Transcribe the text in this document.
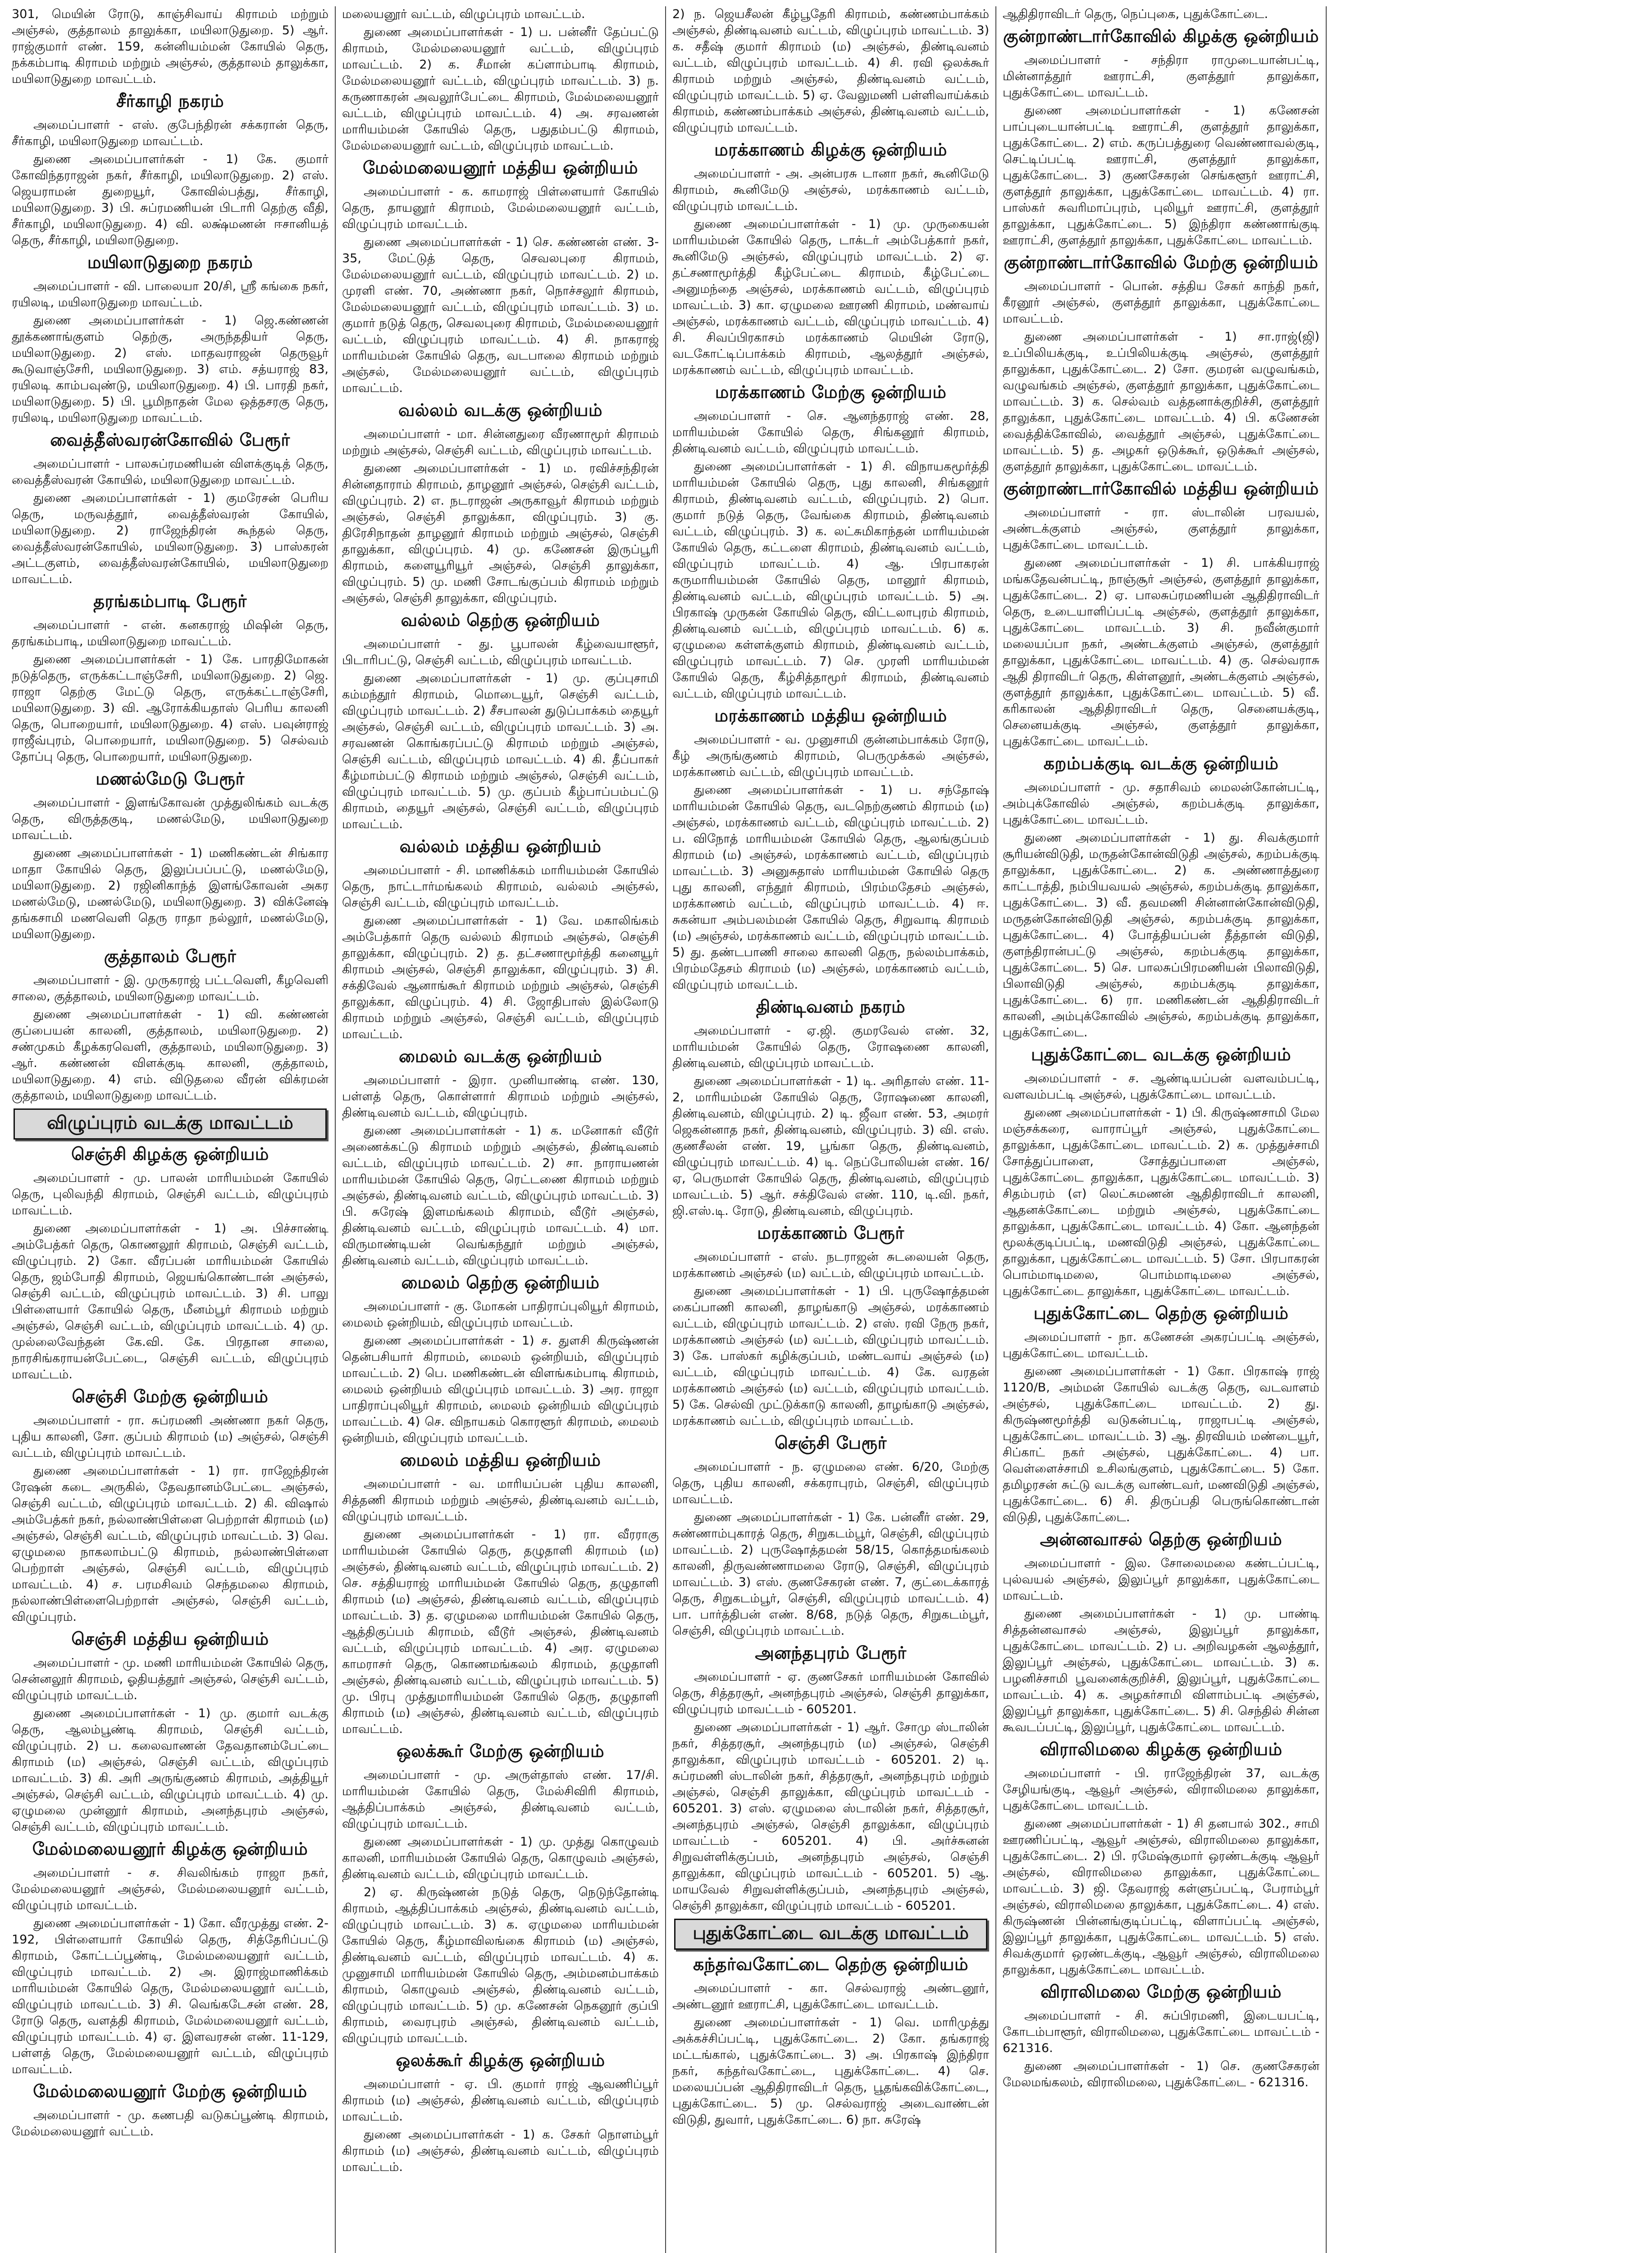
301, மெயின் ரோடு, காஞ்சிவாய் கிராமம் மற்றும் அஞ்சல், குத்தாலம் தாலுக்கா, மயிலாடுதுறை. 5) ஆர். ராஜ்குமார் எண். 159, கன்னியம்மன் கோயில் தெரு, நக்கம்பாடி கிராமம் மற்றும் அஞ்சல், குத்தாலம் தாலுக்கா, மயிலாடுதுறை மாவட்டம்.
சீர்காழி நகரம்
அமைப்பாளர் - எஸ். குபேந்திரன் சக்கரான் தெரு, சீர்காழி, மயிலாடுதுறை மாவட்டம்.
துணை அமைப்பாளர்கள் - 1) கே. குமார் கோவிந்தராஜன் நகர், சீர்காழி, மயிலாடுதுறை. 2) எஸ். ஜெயராமன் துறையூர், கோவில்பத்து, சீர்காழி, மயிலாடுதுறை. 3) பி. சுப்ரமணியன் பிடாரி தெற்கு வீதி, சீர்காழி, மயிலாடுதுறை. 4) வி. லக்ஷ்மணன் ஈசானியத் தெரு, சீர்காழி, மயிலாடுதுறை.
மயிலாடுதுறை நகரம்
அமைப்பாளர் - வி. பாலையா 20/சி, ஸ்ரீ கங்கை நகர், ரயிலடி, மயிலாடுதுறை மாவட்டம்.
துணை அமைப்பாளர்கள் - 1) ஜெ.கண்ணன் தூக்கணாங்குளம் தெற்கு, அருந்ததியர் தெரு, மயிலாடுதுறை. 2) எஸ். மாதவராஜன் தெருவூர் கூடுவாஞ்சேரி, மயிலாடுதுறை. 3) எம். சத்யராஜ் 83, ரயிலடி காம்பவுண்டு, மயிலாடுதுறை. 4) பி. பாரதி நகர், மயிலாடுதுறை. 5) பி. பூமிநாதன் மேல ஒத்தசரகு தெரு, ரயிலடி, மயிலாடுதுறை மாவட்டம்.
வைத்தீஸ்வரன்கோவில் பேரூர்
அமைப்பாளர் - பாலசுப்ரமணியன் விளக்குடித் தெரு, வைத்தீஸ்வரன் கோயில், மயிலாடுதுறை மாவட்டம்.
துணை அமைப்பாளர்கள் - 1) குமரேசன் பெரிய தெரு, மருவத்தூர், வைத்தீஸ்வரன் கோயில், மயிலாடுதுறை. 2) ராஜேந்திரன் கூந்தல் தெரு, வைத்தீஸ்வரன்கோயில், மயிலாடுதுறை. 3) பாஸ்கரன் அட்டகுளம், வைத்தீஸ்வரன்கோயில், மயிலாடுதுறை மாவட்டம்.
தரங்கம்பாடி பேரூர்
அமைப்பாளர் - என். கனகராஜ் மிஷின் தெரு, தரங்கம்பாடி, மயிலாடுதுறை மாவட்டம்.
துணை அமைப்பாளர்கள் - 1) கே. பாரதிமோகன் நடுத்தெரு, எருக்கட்டாஞ்சேரி, மயிலாடுதுறை. 2) ஜெ. ராஜா தெற்கு மேட்டு தெரு, எருக்கட்டாஞ்சேரி, மயிலாடுதுறை. 3) வி. ஆரோக்கியதாஸ் பெரிய காலனி தெரு, பொறையார், மயிலாடுதுறை. 4) எஸ். பவுன்ராஜ் ராஜீவ்புரம், பொறையார், மயிலாடுதுறை. 5) செல்வம் தோப்பு தெரு, பொறையார், மயிலாடுதுறை.
மணல்மேடு பேரூர்
அமைப்பாளர் - இளங்கோவன் முத்துலிங்கம் வடக்கு தெரு, விருத்தகுடி, மணல்மேடு, மயிலாடுதுறை மாவட்டம்.
துணை அமைப்பாளர்கள் - 1) மணிகண்டன் சிங்கார மாதா கோயில் தெரு, இலுப்பப்பட்டு, மணல்மேடு, மயிலாடுதுறை. 2) ரஜினிகாந்த் இளங்கோவன் அகர மணல்மேடு, மணல்மேடு, மயிலாடுதுறை. 3) விக்னேஷ் தங்கசாமி மணவெளி தெரு ராதா நல்லூர், மணல்மேடு, மயிலாடுதுறை.
குத்தாலம் பேரூர்
அமைப்பாளர் - இ. முருகராஜ் பட்டவெளி, கீழவெளி சாலை, குத்தாலம், மயிலாடுதுறை மாவட்டம்.
துணை அமைப்பாளர்கள் - 1) வி. கண்ணன் குப்பையன் காலனி, குத்தாலம், மயிலாடுதுறை. 2) சண்முகம் கீழக்கரவெளி, குத்தாலம், மயிலாடுதுறை. 3) ஆர். கண்ணன் விளக்குடி காலனி, குத்தாலம், மயிலாடுதுறை. 4) எம். விடுதலை வீரன் விக்ரமன் குத்தாலம், மயிலாடுதுறை மாவட்டம்.
விழுப்புரம் வடக்கு மாவட்டம்
செஞ்சி கிழக்கு ஒன்றியம்
அமைப்பாளர் - மு. பாலன் மாரியம்மன் கோயில் தெரு, புலிவந்தி கிராமம், செஞ்சி வட்டம், விழுப்புரம் மாவட்டம்.
துணை அமைப்பாளர்கள் - 1) அ. பிச்சாண்டி அம்பேத்கர் தெரு, கொணலூர் கிராமம், செஞ்சி வட்டம், விழுப்புரம். 2) கோ. வீரப்பன் மாரியம்மன் கோயில் தெரு, ஜம்போதி கிராமம், ஜெயங்கொண்டான் அஞ்சல், செஞ்சி வட்டம், விழுப்புரம் மாவட்டம். 3) சி. பாலு பிள்ளையார் கோயில் தெரு, மீனம்பூர் கிராமம் மற்றும் அஞ்சல், செஞ்சி வட்டம், விழுப்புரம் மாவட்டம். 4) மு. முல்லைவேந்தன் கே.வி. கே. பிரதான சாலை, நாரசிங்கராயன்பேட்டை, செஞ்சி வட்டம், விழுப்புரம் மாவட்டம்.
செஞ்சி மேற்கு ஒன்றியம்
அமைப்பாளர் - ரா. சுப்ரமணி அண்ணா நகர் தெரு, புதிய காலனி, சோ. குப்பம் கிராமம் (ம) அஞ்சல், செஞ்சி வட்டம், விழுப்புரம் மாவட்டம்.
துணை அமைப்பாளர்கள் - 1) ரா. ராஜேந்திரன் ரேஷன் கடை அருகில், தேவதானம்பேட்டை அஞ்சல், செஞ்சி வட்டம், விழுப்புரம் மாவட்டம். 2) கி. விஷால் அம்பேத்கர் நகர், நல்லாண்பிள்ளை பெற்றாள் கிராமம் (ம) அஞ்சல், செஞ்சி வட்டம், விழுப்புரம் மாவட்டம். 3) வெ. ஏழுமலை நாகலாம்பட்டு கிராமம், நல்லாண்பிள்ளை பெற்றாள் அஞ்சல், செஞ்சி வட்டம், விழுப்புரம் மாவட்டம். 4) ச. பரமசிவம் செந்தமலை கிராமம், நல்லாண்பிள்ளைபெற்றாள் அஞ்சல், செஞ்சி வட்டம், விழுப்புரம்.
செஞ்சி மத்திய ஒன்றியம்
அமைப்பாளர் - மு. மணி மாரியம்மன் கோயில் தெரு, சென்னலூர் கிராமம், ஓதியத்தூர் அஞ்சல், செஞ்சி வட்டம், விழுப்புரம் மாவட்டம்.
துணை அமைப்பாளர்கள் - 1) மு. குமார் வடக்கு தெரு, ஆலம்பூண்டி கிராமம், செஞ்சி வட்டம், விழுப்புரம். 2) ப. கலைவாணன் தேவதானம்பேட்டை கிராமம் (ம) அஞ்சல், செஞ்சி வட்டம், விழுப்புரம் மாவட்டம். 3) கி. அரி அருங்குணம் கிராமம், அத்தியூர் அஞ்சல், செஞ்சி வட்டம், விழுப்புரம் மாவட்டம். 4) மு. ஏழுமலை முன்னூர் கிராமம், அனந்தபுரம் அஞ்சல், செஞ்சி வட்டம், விழுப்புரம் மாவட்டம்.
மேல்மலையனூர் கிழக்கு ஒன்றியம்
அமைப்பாளர் - ச. சிவலிங்கம் ராஜா நகர், மேல்மலையனூர் அஞ்சல், மேல்மலையனூர் வட்டம், விழுப்புரம் மாவட்டம்.
துணை அமைப்பாளர்கள் - 1) கோ. வீரமுத்து எண். 2-192, பிள்ளையார் கோயில் தெரு, சித்தேரிப்பட்டு கிராமம், கோட்டப்பூண்டி, மேல்மலையனூர் வட்டம், விழுப்புரம் மாவட்டம். 2) அ. இராஜ்மாணிக்கம் மாரியம்மன் கோயில் தெரு, மேல்மலையனூர் வட்டம், விழுப்புரம் மாவட்டம். 3) சி. வெங்கடேசன் எண். 28, ரோடு தெரு, வளத்தி கிராமம், மேல்மலையனூர் வட்டம், விழுப்புரம் மாவட்டம். 4) ஏ. இளவரசன் எண். 11-129, பள்ளத் தெரு, மேல்மலையனூர் வட்டம், விழுப்புரம் மாவட்டம்.
மேல்மலையனூர் மேற்கு ஒன்றியம்
அமைப்பாளர் - மு. கணபதி வடுகப்பூண்டி கிராமம், மேல்மலையனூர் வட்டம்.
மலையனூர் வட்டம், விழுப்புரம் மாவட்டம்.
துணை அமைப்பாளர்கள் - 1) ப. பன்னீர் தேப்பட்டு கிராமம், மேல்மலையனூர் வட்டம், விழுப்புரம் மாவட்டம். 2) க. சீமான் கப்ளாம்பாடி கிராமம், மேல்மலையனூர் வட்டம், விழுப்புரம் மாவட்டம். 3) ந. கருணாகரன் அவலூர்பேட்டை கிராமம், மேல்மலையனூர் வட்டம், விழுப்புரம் மாவட்டம். 4) அ. சரவணன் மாரியம்மன் கோயில் தெரு, பதுதம்பட்டு கிராமம், மேல்மலையனூர் வட்டம், விழுப்புரம் மாவட்டம்.
மேல்மலையனூர் மத்திய ஒன்றியம்
அமைப்பாளர் - க. காமராஜ் பிள்ளையார் கோயில் தெரு, தாயனூர் கிராமம், மேல்மலையனூர் வட்டம், விழுப்புரம் மாவட்டம்.
துணை அமைப்பாளர்கள் - 1) செ. கண்ணன் எண். 3-35, மேட்டுத் தெரு, செவலபுரை கிராமம், மேல்மலையனூர் வட்டம், விழுப்புரம் மாவட்டம். 2) ம. முரளி எண். 70, அண்ணா நகர், நொச்சலூர் கிராமம், மேல்மலையனூர் வட்டம், விழுப்புரம் மாவட்டம். 3) ம. குமார் நடுத் தெரு, செவலபுரை கிராமம், மேல்மலையனூர் வட்டம், விழுப்புரம் மாவட்டம். 4) சி. நாகராஜ் மாரியம்மன் கோயில் தெரு, வடபாலை கிராமம் மற்றும் அஞ்சல், மேல்மலையனூர் வட்டம், விழுப்புரம் மாவட்டம்.
வல்லம் வடக்கு ஒன்றியம்
அமைப்பாளர் - மா. சின்னதுரை வீரணாமூர் கிராமம் மற்றும் அஞ்சல், செஞ்சி வட்டம், விழுப்புரம் மாவட்டம்.
துணை அமைப்பாளர்கள் - 1) ம. ரவிச்சந்திரன் சின்னதாராம் கிராமம், தாழனூர் அஞ்சல், செஞ்சி வட்டம், விழுப்புரம். 2) எ. நடராஜன் அருகாவூர் கிராமம் மற்றும் அஞ்சல், செஞ்சி தாலுக்கா, விழுப்புரம். 3) கு. திரேசிநாதன் தாழனூர் கிராமம் மற்றும் அஞ்சல், செஞ்சி தாலுக்கா, விழுப்புரம். 4) மு. கணேசன் இருப்பூரி கிராமம், களையூரியூர் அஞ்சல், செஞ்சி தாலுக்கா, விழுப்புரம். 5) மு. மணி சோடங்குப்பம் கிராமம் மற்றும் அஞ்சல், செஞ்சி தாலுக்கா, விழுப்புரம்.
வல்லம் தெற்கு ஒன்றியம்
அமைப்பாளர் - து. பூபாலன் கீழ்வையாளூர், பிடாரிபட்டு, செஞ்சி வட்டம், விழுப்புரம் மாவட்டம்.
துணை அமைப்பாளர்கள் - 1) மு. குப்புசாமி கம்மந்தூர் கிராமம், மொடையூர், செஞ்சி வட்டம், விழுப்புரம் மாவட்டம். 2) சீசபாலன் துடுப்பாக்கம் தையூர் அஞ்சல், செஞ்சி வட்டம், விழுப்புரம் மாவட்டம். 3) அ. சரவணன் கொங்கரப்பட்டு கிராமம் மற்றும் அஞ்சல், செஞ்சி வட்டம், விழுப்புரம் மாவட்டம். 4) கி. தீப்பாகர் கீழ்மாம்பட்டு கிராமம் மற்றும் அஞ்சல், செஞ்சி வட்டம், விழுப்புரம் மாவட்டம். 5) மு. குப்பம் கீழ்பாப்பம்பட்டு கிராமம், தையூர் அஞ்சல், செஞ்சி வட்டம், விழுப்புரம் மாவட்டம்.
வல்லம் மத்திய ஒன்றியம்
அமைப்பாளர் - சி. மாணிக்கம் மாரியம்மன் கோயில் தெரு, நாட்டார்மங்கலம் கிராமம், வல்லம் அஞ்சல், செஞ்சி வட்டம், விழுப்புரம் மாவட்டம்.
துணை அமைப்பாளர்கள் - 1) வே. மகாலிங்கம் அம்பேத்கார் தெரு வல்லம் கிராமம் அஞ்சல், செஞ்சி தாலுக்கா, விழுப்புரம். 2) த. தட்சணாமூர்த்தி கனையூர் கிராமம் அஞ்சல், செஞ்சி தாலுக்கா, விழுப்புரம். 3) சி. சக்திவேல் ஆனாங்கூர் கிராமம் மற்றும் அஞ்சல், செஞ்சி தாலுக்கா, விழுப்புரம். 4) சி. ஜோதிபாஸ் இல்லோடு கிராமம் மற்றும் அஞ்சல், செஞ்சி வட்டம், விழுப்புரம் மாவட்டம்.
மைலம் வடக்கு ஒன்றியம்
அமைப்பாளர் - இரா. முனியாண்டி எண். 130, பள்ளத் தெரு, கொள்ளார் கிராமம் மற்றும் அஞ்சல், திண்டிவனம் வட்டம், விழுப்புரம்.
துணை அமைப்பாளர்கள் - 1) க. மனோகர் வீடூர் அணைக்கட்டு கிராமம் மற்றும் அஞ்சல், திண்டிவனம் வட்டம், விழுப்புரம் மாவட்டம். 2) சா. நாராயணன் மாரியம்மன் கோயில் தெரு, ரெட்டணை கிராமம் மற்றும் அஞ்சல், திண்டிவனம் வட்டம், விழுப்புரம் மாவட்டம். 3) பி. சுரேஷ் இளமங்கலம் கிராமம், வீடூர் அஞ்சல், திண்டிவனம் வட்டம், விழுப்புரம் மாவட்டம். 4) மா. விருமாண்டியன் வெங்கந்தூர் மற்றும் அஞ்சல், திண்டிவனம் வட்டம், விழுப்புரம் மாவட்டம்.
மைலம் தெற்கு ஒன்றியம்
அமைப்பாளர் - கு. மோகன் பாதிராப்புலியூர் கிராமம், மைலம் ஒன்றியம், விழுப்புரம் மாவட்டம்.
துணை அமைப்பாளர்கள் - 1) ச. துளசி கிருஷ்ணன் தென்பசியார் கிராமம், மைலம் ஒன்றியம், விழுப்புரம் மாவட்டம். 2) பெ. மணிகண்டன் விளங்கம்பாடி கிராமம், மைலம் ஒன்றியம் விழுப்புரம் மாவட்டம். 3) அர. ராஜா பாதிராப்புலியூர் கிராமம், மைலம் ஒன்றியம் விழுப்புரம் மாவட்டம். 4) செ. விநாயகம் கொரளூர் கிராமம், மைலம் ஒன்றியம், விழுப்புரம் மாவட்டம்.
மைலம் மத்திய ஒன்றியம்
அமைப்பாளர் - வ. மாரியப்பன் புதிய காலனி, சித்தணி கிராமம் மற்றும் அஞ்சல், திண்டிவனம் வட்டம், விழுப்புரம் மாவட்டம்.
துணை அமைப்பாளர்கள் - 1) ரா. வீரராகு மாரியம்மன் கோயில் தெரு, தழுதாளி கிராமம் (ம) அஞ்சல், திண்டிவனம் வட்டம், விழுப்புரம் மாவட்டம். 2) செ. சத்தியராஜ் மாரியம்மன் கோயில் தெரு, தழுதாளி கிராமம் (ம) அஞ்சல், திண்டிவனம் வட்டம், விழுப்புரம் மாவட்டம். 3) த. ஏழுமலை மாரியம்மன் கோயில் தெரு, ஆத்திகுப்பம் கிராமம், வீடூர் அஞ்சல், திண்டிவனம் வட்டம், விழுப்புரம் மாவட்டம். 4) அர. ஏழுமலை காமராசர் தெரு, கொணமங்கலம் கிராமம், தழுதாளி அஞ்சல், திண்டிவனம் வட்டம், விழுப்புரம் மாவட்டம். 5) மு. பிரபு முத்துமாரியம்மன் கோயில் தெரு, தழுதாளி கிராமம் (ம) அஞ்சல், திண்டிவனம் வட்டம், விழுப்புரம் மாவட்டம்.
ஒலக்கூர் மேற்கு ஒன்றியம்
அமைப்பாளர் - மு. அருள்தாஸ் எண். 17/சி. மாரியம்மன் கோயில் தெரு, மேல்சிவிரி கிராமம், ஆத்திப்பாக்கம் அஞ்சல், திண்டிவனம் வட்டம், விழுப்புரம் மாவட்டம்.
துணை அமைப்பாளர்கள் - 1) மு. முத்து கொழுவம் காலனி, மாரியம்மன் கோயில் தெரு, கொழுவம் அஞ்சல், திண்டிவனம் வட்டம், விழுப்புரம் மாவட்டம்.
2) ஏ. கிருஷ்ணன் நடுத் தெரு, நெடுந்தோன்டி கிராமம், ஆத்திப்பாக்கம் அஞ்சல், திண்டிவனம் வட்டம், விழுப்புரம் மாவட்டம். 3) க. ஏழுமலை மாரியம்மன் கோயில் தெரு, கீழ்மாவிலங்கை கிராமம் (ம) அஞ்சல், திண்டிவனம் வட்டம், விழுப்புரம் மாவட்டம். 4) க. முனுசாமி மாரியம்மன் கோயில் தெரு, அம்மனம்பாக்கம் கிராமம், கொழுவம் அஞ்சல், திண்டிவனம் வட்டம், விழுப்புரம் மாவட்டம். 5) மு. கணேசன் நெகனூர் குப்பி கிராமம், வைரபுரம் அஞ்சல், திண்டிவனம் வட்டம், விழுப்புரம் மாவட்டம்.
ஒலக்கூர் கிழக்கு ஒன்றியம்
அமைப்பாளர் - ஏ. பி. குமார் ராஜ் ஆவணிப்பூர் கிராமம் (ம) அஞ்சல், திண்டிவனம் வட்டம், விழுப்புரம் மாவட்டம்.
துணை அமைப்பாளர்கள் - 1) க. சேகர் நொளம்பூர் கிராமம் (ம) அஞ்சல், திண்டிவனம் வட்டம், விழுப்புரம் மாவட்டம்.
2) ந. ஜெயசீலன் கீழ்பூதேரி கிராமம், கண்ணம்பாக்கம் அஞ்சல், திண்டிவனம் வட்டம், விழுப்புரம் மாவட்டம். 3) க. சதீஷ் குமார் கிராமம் (ம) அஞ்சல், திண்டிவனம் வட்டம், விழுப்புரம் மாவட்டம். 4) சி. ரவி ஒலக்கூர் கிராமம் மற்றும் அஞ்சல், திண்டிவனம் வட்டம், விழுப்புரம் மாவட்டம். 5) ஏ. வேலுமணி பள்ளிவாய்க்கம் கிராமம், கண்ணம்பாக்கம் அஞ்சல், திண்டிவனம் வட்டம், விழுப்புரம் மாவட்டம்.
மரக்காணம் கிழக்கு ஒன்றியம்
அமைப்பாளர் - அ. அன்பரசு டானா நகர், கூனிமேடு கிராமம், கூனிமேடு அஞ்சல், மரக்காணம் வட்டம், விழுப்புரம் மாவட்டம்.
துணை அமைப்பாளர்கள் - 1) மு. முருகையன் மாரியம்மன் கோயில் தெரு, டாக்டர் அம்பேத்கார் நகர், கூனிமேடு அஞ்சல், விழுப்புரம் மாவட்டம். 2) ஏ. தட்சணாமூர்த்தி கீழ்பேட்டை கிராமம், கீழ்பேட்டை அனுமந்தை அஞ்சல், மரக்காணம் வட்டம், விழுப்புரம் மாவட்டம். 3) கா. ஏழுமலை ஊரணி கிராமம், மண்வாய் அஞ்சல், மரக்காணம் வட்டம், விழுப்புரம் மாவட்டம். 4) சி. சிவப்பிரகாசம் மரக்காணம் மெயின் ரோடு, வடகோட்டிப்பாக்கம் கிராமம், ஆலத்தூர் அஞ்சல், மரக்காணம் வட்டம், விழுப்புரம் மாவட்டம்.
மரக்காணம் மேற்கு ஒன்றியம்
அமைப்பாளர் - செ. ஆனந்தராஜ் எண். 28, மாரியம்மன் கோயில் தெரு, சிங்கனூர் கிராமம், திண்டிவனம் வட்டம், விழுப்புரம் மாவட்டம்.
துணை அமைப்பாளர்கள் - 1) சி. விநாயகமூர்த்தி மாரியம்மன் கோயில் தெரு, புது காலனி, சிங்கனூர் கிராமம், திண்டிவனம் வட்டம், விழுப்புரம். 2) பொ. குமார் நடுத் தெரு, வேங்கை கிராமம், திண்டிவனம் வட்டம், விழுப்புரம். 3) க. லட்சுமிகாந்தன் மாரியம்மன் கோயில் தெரு, கட்டளை கிராமம், திண்டிவனம் வட்டம், விழுப்புரம் மாவட்டம். 4) ஆ. பிரபாகரன் கருமாரியம்மன் கோயில் தெரு, மானூர் கிராமம், திண்டிவனம் வட்டம், விழுப்புரம் மாவட்டம். 5) அ. பிரகாஷ் முருகன் கோயில் தெரு, விட்டலாபுரம் கிராமம், திண்டிவனம் வட்டம், விழுப்புரம் மாவட்டம். 6) க. ஏழுமலை கள்ளக்குளம் கிராமம், திண்டிவனம் வட்டம், விழுப்புரம் மாவட்டம். 7) செ. முரளி மாரியம்மன் கோயில் தெரு, கீழ்சித்தாமூர் கிராமம், திண்டிவனம் வட்டம், விழுப்புரம் மாவட்டம்.
மரக்காணம் மத்திய ஒன்றியம்
அமைப்பாளர் - வ. முனுசாமி குன்னம்பாக்கம் ரோடு, கீழ் அருங்குணம் கிராமம், பெருமுக்கல் அஞ்சல், மரக்காணம் வட்டம், விழுப்புரம் மாவட்டம்.
துணை அமைப்பாளர்கள் - 1) ப. சந்தோஷ் மாரியம்மன் கோயில் தெரு, வடநெற்குணம் கிராமம் (ம) அஞ்சல், மரக்காணம் வட்டம், விழுப்புரம் மாவட்டம். 2) ப. விநோத் மாரியம்மன் கோயில் தெரு, ஆலங்குப்பம் கிராமம் (ம) அஞ்சல், மரக்காணம் வட்டம், விழுப்புரம் மாவட்டம். 3) அனுசுதாஸ் மாரியம்மன் கோயில் தெரு புது காலனி, எந்தூர் கிராமம், பிரம்மதேசம் அஞ்சல், மரக்காணம் வட்டம், விழுப்புரம் மாவட்டம். 4) ஈ. சுகன்யா அம்பலம்மன் கோயில் தெரு, சிறுவாடி கிராமம் (ம) அஞ்சல், மரக்காணம் வட்டம், விழுப்புரம் மாவட்டம். 5) து. தண்டபாணி சாலை காலனி தெரு, நல்லம்பாக்கம், பிரம்மதேசம் கிராமம் (ம) அஞ்சல், மரக்காணம் வட்டம், விழுப்புரம் மாவட்டம்.
திண்டிவனம் நகரம்
அமைப்பாளர் - ஏ.ஜி. குமரவேல் எண். 32, மாரியம்மன் கோயில் தெரு, ரோஷணை காலனி, திண்டிவனம், விழுப்புரம் மாவட்டம்.
துணை அமைப்பாளர்கள் - 1) டி. அரிதாஸ் எண். 11-2, மாரியம்மன் கோயில் தெரு, ரோஷணை காலனி, திண்டிவனம், விழுப்புரம். 2) டி. ஜீவா எண். 53, அமரர் ஜெகன்னாத நகர், திண்டிவனம், விழுப்புரம். 3) வி. எஸ். குணசீலன் எண். 19, பூங்கா தெரு, திண்டிவனம், விழுப்புரம் மாவட்டம். 4) டி. நெப்போலியன் எண். 16/ஏ, பெருமாள் கோயில் தெரு, திண்டிவனம், விழுப்புரம் மாவட்டம். 5) ஆர். சக்திவேல் எண். 110, டி.வி. நகர், ஜி.எஸ்.டி. ரோடு, திண்டிவனம், விழுப்புரம்.
மரக்காணம் பேரூர்
அமைப்பாளர் - எஸ். நடராஜன் சுடலையன் தெரு, மரக்காணம் அஞ்சல் (ம) வட்டம், விழுப்புரம் மாவட்டம்.
துணை அமைப்பாளர்கள் - 1) பி. புருஷோத்தமன் கைப்பாணி காலனி, தாழங்காடு அஞ்சல், மரக்காணம் வட்டம், விழுப்புரம் மாவட்டம். 2) எஸ். ரவி நேரு நகர், மரக்காணம் அஞ்சல் (ம) வட்டம், விழுப்புரம் மாவட்டம். 3) கே. பாஸ்கர் கழிக்குப்பம், மண்டவாய் அஞ்சல் (ம) வட்டம், விழுப்புரம் மாவட்டம். 4) கே. வரதன் மரக்காணம் அஞ்சல் (ம) வட்டம், விழுப்புரம் மாவட்டம். 5) கே. செல்வி முட்டுக்காடு காலனி, தாழங்காடு அஞ்சல், மரக்காணம் வட்டம், விழுப்புரம் மாவட்டம்.
செஞ்சி பேரூர்
அமைப்பாளர் - ந. ஏழுமலை எண். 6/20, மேற்கு தெரு, புதிய காலனி, சக்கராபுரம், செஞ்சி, விழுப்புரம் மாவட்டம்.
துணை அமைப்பாளர்கள் - 1) கே. பன்னீர் எண். 29, சுண்ணாம்புகாரத் தெரு, சிறுகடம்பூர், செஞ்சி, விழுப்புரம் மாவட்டம். 2) புருஷோத்தமன் 58/15, கொத்தமங்கலம் காலனி, திருவண்ணாமலை ரோடு, செஞ்சி, விழுப்புரம் மாவட்டம். 3) எஸ். குணசேகரன் எண். 7, குட்டைக்காரத் தெரு, சிறுகடம்பூர், செஞ்சி, விழுப்புரம் மாவட்டம். 4) பா. பார்த்திபன் எண். 8/68, நடுத் தெரு, சிறுகடம்பூர், செஞ்சி, விழுப்புரம் மாவட்டம்.
அனந்தபுரம் பேரூர்
அமைப்பாளர் - ஏ. குணசேகர் மாரியம்மன் கோவில் தெரு, சித்தரசூர், அனந்தபுரம் அஞ்சல், செஞ்சி தாலுக்கா, விழுப்புரம் மாவட்டம் - 605201.
துணை அமைப்பாளர்கள் - 1) ஆர். சோமு ஸ்டாலின் நகர், சித்தரசூர், அனந்தபுரம் (ம) அஞ்சல், செஞ்சி தாலுக்கா, விழுப்புரம் மாவட்டம் - 605201. 2) டி. சுப்ரமணி ஸ்டாலின் நகர், சித்தரசூர், அனந்தபுரம் மற்றும் அஞ்சல், செஞ்சி தாலுக்கா, விழுப்புரம் மாவட்டம் - 605201. 3) எஸ். ஏழுமலை ஸ்டாலின் நகர், சித்தரசூர், அனந்தபுரம் அஞ்சல், செஞ்சி தாலுக்கா, விழுப்புரம் மாவட்டம் - 605201. 4) பி. அர்ச்சுனன் சிறுவள்ளிக்குப்பம், அனந்தபுரம் அஞ்சல், செஞ்சி தாலுக்கா, விழுப்புரம் மாவட்டம் - 605201. 5) ஆ. மாயவேல் சிறுவள்ளிக்குப்பம், அனந்தபுரம் அஞ்சல், செஞ்சி தாலுக்கா, விழுப்புரம் மாவட்டம் - 605201.
புதுக்கோட்டை வடக்கு மாவட்டம்
கந்தர்வகோட்டை தெற்கு ஒன்றியம்
அமைப்பாளர் - கா. செல்வராஜ் அண்டனூர், அண்டனூர் ஊராட்சி, புதுக்கோட்டை மாவட்டம்.
துணை அமைப்பாளர்கள் - 1) வெ. மாரிமுத்து அக்கச்சிப்பட்டி, புதுக்கோட்டை. 2) கோ. தங்கராஜ் மட்டங்கால், புதுக்கோட்டை. 3) அ. பிரகாஷ் இந்திரா நகர், கந்தர்வகோட்டை, புதுக்கோட்டை. 4) செ. மலையப்பன் ஆதிதிராவிடர் தெரு, பூதங்கவிக்கோட்டை, புதுக்கோட்டை. 5) மு. செல்வராஜ் அடைவாண்டன் விடுதி, துவார், புதுக்கோட்டை. 6) நா. சுரேஷ்
ஆதிதிராவிடர் தெரு, நெப்புகை, புதுக்கோட்டை.
குன்றாண்டார்கோவில் கிழக்கு ஒன்றியம்
அமைப்பாளர் - சந்திரா ராமுடையான்பட்டி, மின்னாத்தூர் ஊராட்சி, குளத்தூர் தாலுக்கா, புதுக்கோட்டை மாவட்டம்.
துணை அமைப்பாளர்கள் - 1) கணேசன் பாப்புடையான்பட்டி ஊராட்சி, குளத்தூர் தாலுக்கா, புதுக்கோட்டை. 2) எம். கருப்பத்துரை வெண்ணாவல்குடி, செட்டிப்பட்டி ஊராட்சி, குளத்தூர் தாலுக்கா, புதுக்கோட்டை. 3) குணசேகரன் செங்களூர் ஊராட்சி, குளத்தூர் தாலுக்கா, புதுக்கோட்டை மாவட்டம். 4) ரா. பாஸ்கர் சுவரிமாப்புரம், புலியூர் ஊராட்சி, குளத்தூர் தாலுக்கா, புதுக்கோட்டை. 5) இந்திரா கண்ணாங்குடி ஊராட்சி, குளத்தூர் தாலுக்கா, புதுக்கோட்டை மாவட்டம்.
குன்றாண்டார்கோவில் மேற்கு ஒன்றியம்
அமைப்பாளர் - பொன். சத்திய சேகர் காந்தி நகர், கீரனூர் அஞ்சல், குளத்தூர் தாலுக்கா, புதுக்கோட்டை மாவட்டம்.
துணை அமைப்பாளர்கள் - 1) சா.ராஜ்(ஜி) உப்பிலியக்குடி, உப்பிலியக்குடி அஞ்சல், குளத்தூர் தாலுக்கா, புதுக்கோட்டை. 2) சோ. குமரன் வழுவங்கம், வழுவங்கம் அஞ்சல், குளத்தூர் தாலுக்கா, புதுக்கோட்டை மாவட்டம். 3) க. செல்வம் வத்தனாக்குறிச்சி, குளத்தூர் தாலுக்கா, புதுக்கோட்டை மாவட்டம். 4) பி. கணேசன் வைத்திக்கோவில், வைத்தூர் அஞ்சல், புதுக்கோட்டை மாவட்டம். 5) த. அழகர் ஒடுக்கூர், ஒடுக்கூர் அஞ்சல், குளத்தூர் தாலுக்கா, புதுக்கோட்டை மாவட்டம்.
குன்றாண்டார்கோவில் மத்திய ஒன்றியம்
அமைப்பாளர் - ரா. ஸ்டாலின் பரவயல், அண்டக்குளம் அஞ்சல், குளத்தூர் தாலுக்கா, புதுக்கோட்டை மாவட்டம்.
துணை அமைப்பாளர்கள் - 1) சி. பாக்கியராஜ் மங்கதேவன்பட்டி, நாஞ்சூர் அஞ்சல், குளத்தூர் தாலுக்கா, புதுக்கோட்டை. 2) ஏ. பாலசுப்ரமணியன் ஆதிதிராவிடர் தெரு, உடையாளிப்பட்டி அஞ்சல், குளத்தூர் தாலுக்கா, புதுக்கோட்டை மாவட்டம். 3) சி. நவீன்குமார் மலையப்பா நகர், அண்டக்குளம் அஞ்சல், குளத்தூர் தாலுக்கா, புதுக்கோட்டை மாவட்டம். 4) கு. செல்வராசு ஆதி திராவிடர் தெரு, கிள்ளனூர், அண்டக்குளம் அஞ்சல், குளத்தூர் தாலுக்கா, புதுக்கோட்டை மாவட்டம். 5) வீ. கரிகாலன் ஆதிதிராவிடர் தெரு, செனையக்குடி, செனையக்குடி அஞ்சல், குளத்தூர் தாலுக்கா, புதுக்கோட்டை மாவட்டம்.
கறம்பக்குடி வடக்கு ஒன்றியம்
அமைப்பாளர் - மு. சதாசிவம் மைலன்கோன்பட்டி, அம்புக்கோவில் அஞ்சல், கறம்பக்குடி தாலுக்கா, புதுக்கோட்டை மாவட்டம்.
துணை அமைப்பாளர்கள் - 1) து. சிவக்குமார் சூரியன்விடுதி, மருதன்கோன்விடுதி அஞ்சல், கறம்பக்குடி தாலுக்கா, புதுக்கோட்டை. 2) க. அண்ணாத்துரை காட்டாத்தி, நம்பியவயல் அஞ்சல், கறம்பக்குடி தாலுக்கா, புதுக்கோட்டை. 3) வீ. தவமணி சின்னான்கோன்விடுதி, மருதன்கோன்விடுதி அஞ்சல், கறம்பக்குடி தாலுக்கா, புதுக்கோட்டை. 4) போத்தியப்பன் தீத்தான் விடுதி, குளந்திரான்பட்டு அஞ்சல், கறம்பக்குடி தாலுக்கா, புதுக்கோட்டை. 5) செ. பாலசுப்பிரமணியன் பிலாவிடுதி, பிலாவிடுதி அஞ்சல், கறம்பக்குடி தாலுக்கா, புதுக்கோட்டை. 6) ரா. மணிகண்டன் ஆதிதிராவிடர் காலனி, அம்புக்கோவில் அஞ்சல், கறம்பக்குடி தாலுக்கா, புதுக்கோட்டை.
புதுக்கோட்டை வடக்கு ஒன்றியம்
அமைப்பாளர் - ச. ஆண்டியப்பன் வளவம்பட்டி, வளவம்பட்டி அஞ்சல், புதுக்கோட்டை மாவட்டம்.
துணை அமைப்பாளர்கள் - 1) பி. கிருஷ்ணசாமி மேல மஞ்சக்கரை, வாராப்பூர் அஞ்சல், புதுக்கோட்டை தாலுக்கா, புதுக்கோட்டை மாவட்டம். 2) க. முத்துச்சாமி சோத்துப்பாளை, சோத்துப்பாளை அஞ்சல், புதுக்கோட்டை தாலுக்கா, புதுக்கோட்டை மாவட்டம். 3) சிதம்பரம் (எ) லெட்சுமணன் ஆதிதிராவிடர் காலனி, ஆதனக்கோட்டை மற்றும் அஞ்சல், புதுக்கோட்டை தாலுக்கா, புதுக்கோட்டை மாவட்டம். 4) கோ. ஆனந்தன் மூலக்குடிப்பட்டி, மணவிடுதி அஞ்சல், புதுக்கோட்டை தாலுக்கா, புதுக்கோட்டை மாவட்டம். 5) சோ. பிரபாகரன் பொம்மாடிமலை, பொம்மாடிமலை அஞ்சல், புதுக்கோட்டை தாலுக்கா, புதுக்கோட்டை மாவட்டம்.
புதுக்கோட்டை தெற்கு ஒன்றியம்
அமைப்பாளர் - நா. கணேசன் அகரப்பட்டி அஞ்சல், புதுக்கோட்டை மாவட்டம்.
துணை அமைப்பாளர்கள் - 1) கோ. பிரகாஷ் ராஜ் 1120/B, அம்மன் கோயில் வடக்கு தெரு, வடவாளம் அஞ்சல், புதுக்கோட்டை மாவட்டம். 2) து. கிருஷ்ணமூர்த்தி வடுகன்பட்டி, ராஜாபட்டி அஞ்சல், புதுக்கோட்டை மாவட்டம். 3) ஆ. திரவியம் மண்டையூர், சிப்காட் நகர் அஞ்சல், புதுக்கோட்டை. 4) பா. வெள்ளைச்சாமி உசிலங்குளம், புதுக்கோட்டை. 5) கோ. தமிழரசன் சுட்டு வடக்கு வாண்டவர், மணவிடுதி அஞ்சல், புதுக்கோட்டை. 6) சி. திருப்பதி பெருங்கொண்டான் விடுதி, புதுக்கோட்டை.
அன்னவாசல் தெற்கு ஒன்றியம்
அமைப்பாளர் - இல. சோலைமலை கண்டப்பட்டி, புல்வயல் அஞ்சல், இலுப்பூர் தாலுக்கா, புதுக்கோட்டை மாவட்டம்.
துணை அமைப்பாளர்கள் - 1) மு. பாண்டி சித்தன்னவாசல் அஞ்சல், இலுப்பூர் தாலுக்கா, புதுக்கோட்டை மாவட்டம். 2) ப. அறிவழகன் ஆலத்தூர், இலுப்பூர் அஞ்சல், புதுக்கோட்டை மாவட்டம். 3) க. பழனிச்சாமி பூவனைக்குறிச்சி, இலுப்பூர், புதுக்கோட்டை மாவட்டம். 4) க. அழகர்சாமி விளாம்பட்டி அஞ்சல், இலுப்பூர் தாலுக்கா, புதுக்கோட்டை. 5) சி. செந்தில் சின்ன கூவடப்பட்டி, இலுப்பூர், புதுக்கோட்டை மாவட்டம்.
விராலிமலை கிழக்கு ஒன்றியம்
அமைப்பாளர் - பி. ராஜேந்திரன் 37, வடக்கு சேழியங்குடி, ஆவூர் அஞ்சல், விராலிமலை தாலுக்கா, புதுக்கோட்டை மாவட்டம்.
துணை அமைப்பாளர்கள் - 1) சி தனபால் 302., சாமி ஊரணிப்பட்டி, ஆவூர் அஞ்சல், விராலிமலை தாலுக்கா, புதுக்கோட்டை. 2) பி. ரமேஷ்குமார் ஒரண்டக்குடி ஆவூர் அஞ்சல், விராலிமலை தாலுக்கா, புதுக்கோட்டை மாவட்டம். 3) ஜி. தேவராஜ் கள்ளுப்பட்டி, பேராம்பூர் அஞ்சல், விராலிமலை தாலுக்கா, புதுக்கோட்டை. 4) எஸ். கிருஷ்ணன் பின்னங்குடிப்பட்டி, விளாப்பட்டி அஞ்சல், இலுப்பூர் தாலுக்கா, புதுக்கோட்டை மாவட்டம். 5) எஸ். சிவக்குமார் ஒரண்டக்குடி, ஆவூர் அஞ்சல், விராலிமலை தாலுக்கா, புதுக்கோட்டை மாவட்டம்.
விராலிமலை மேற்கு ஒன்றியம்
அமைப்பாளர் - சி. சுப்பிரமணி, இடையபட்டி, கோடம்பாளூர், விராலிமலை, புதுக்கோட்டை மாவட்டம் - 621316.
துணை அமைப்பாளர்கள் - 1) செ. குணசேகரன் மேலமங்கலம், விராலிமலை, புதுக்கோட்டை - 621316.
